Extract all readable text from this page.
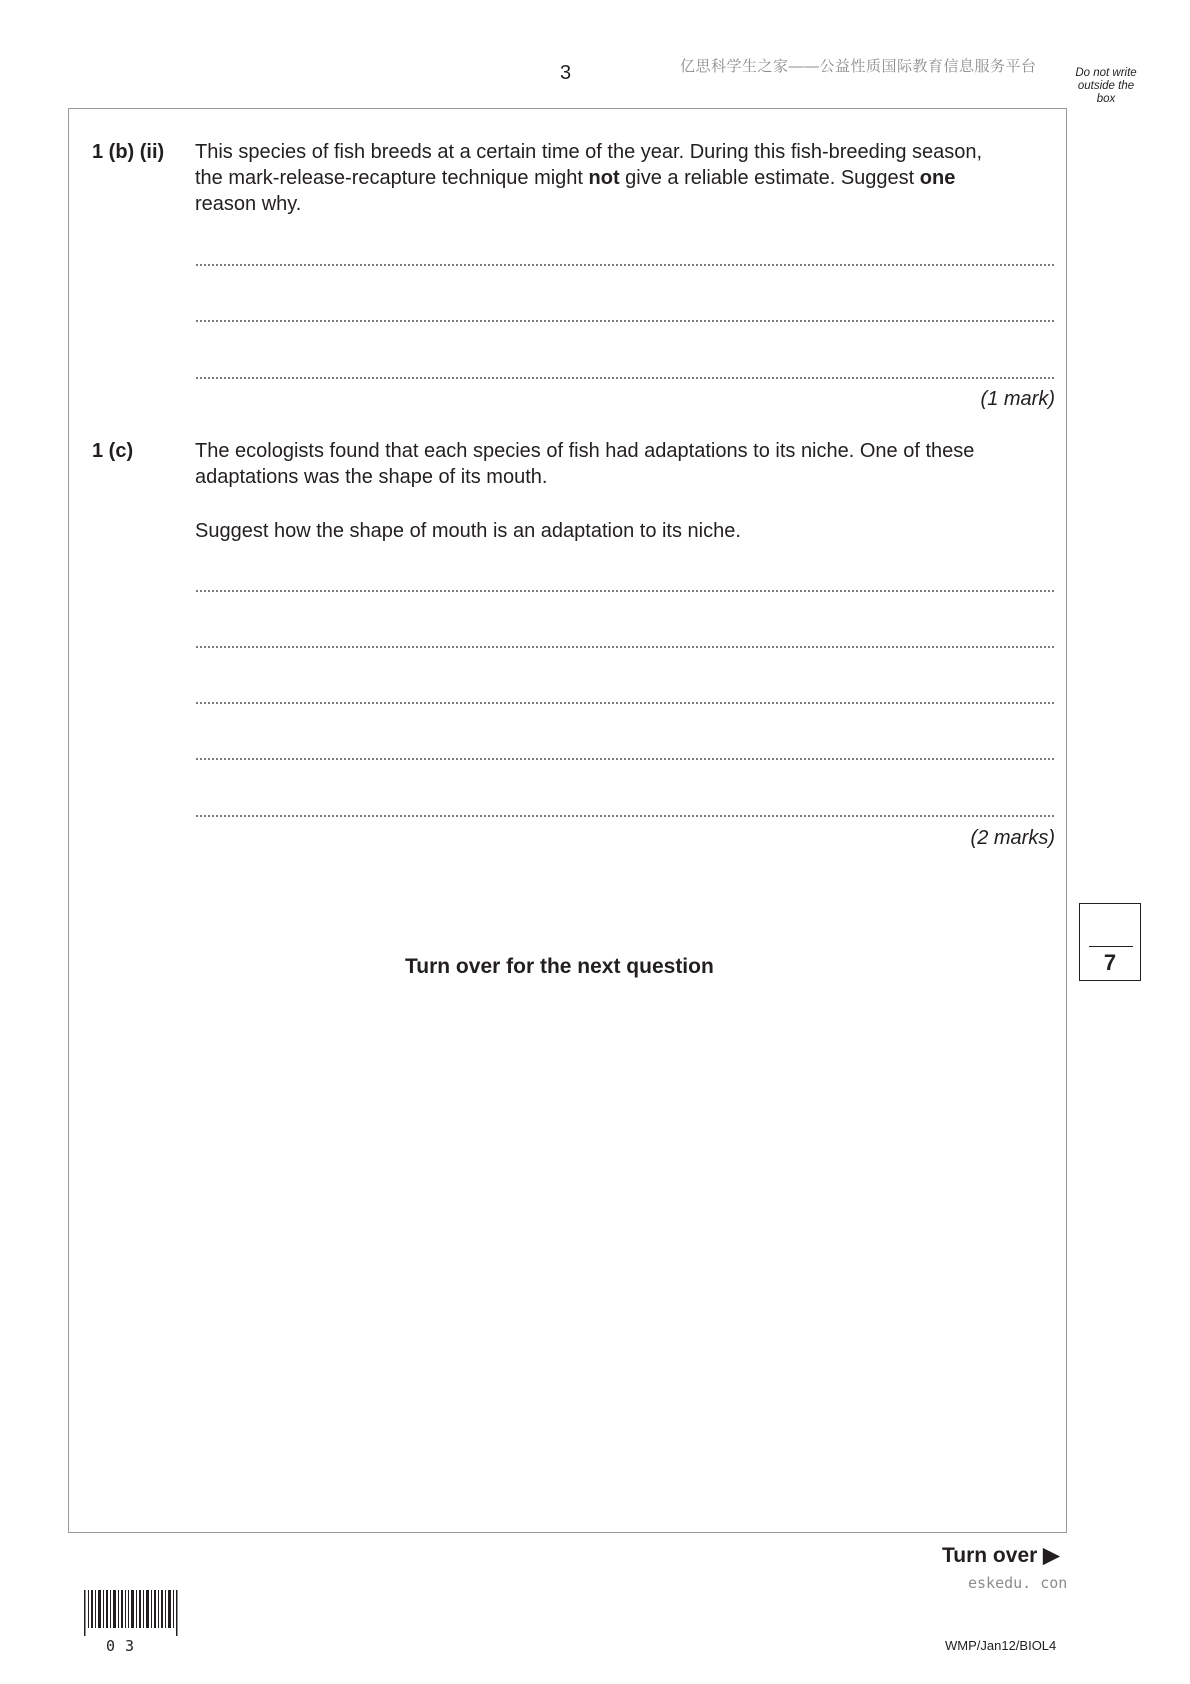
3	亿思科学生之家——公益性质国际教育信息服务平台	Do not write
outside the
box
1 (b) (ii) This species of fish breeds at a certain time of the year. During this fish-breeding season, the mark-release-recapture technique might not give a reliable estimate. Suggest one reason why.
(1 mark)
1 (c)	The ecologists found that each species of fish had adaptations to its niche. One of these adaptations was the shape of its mouth.
Suggest how the shape of mouth is an adaptation to its niche.
(2 marks)
7
Turn over for the next question
Turn over ▶
eskedu. con
WMP/Jan12/BIOL4
03
